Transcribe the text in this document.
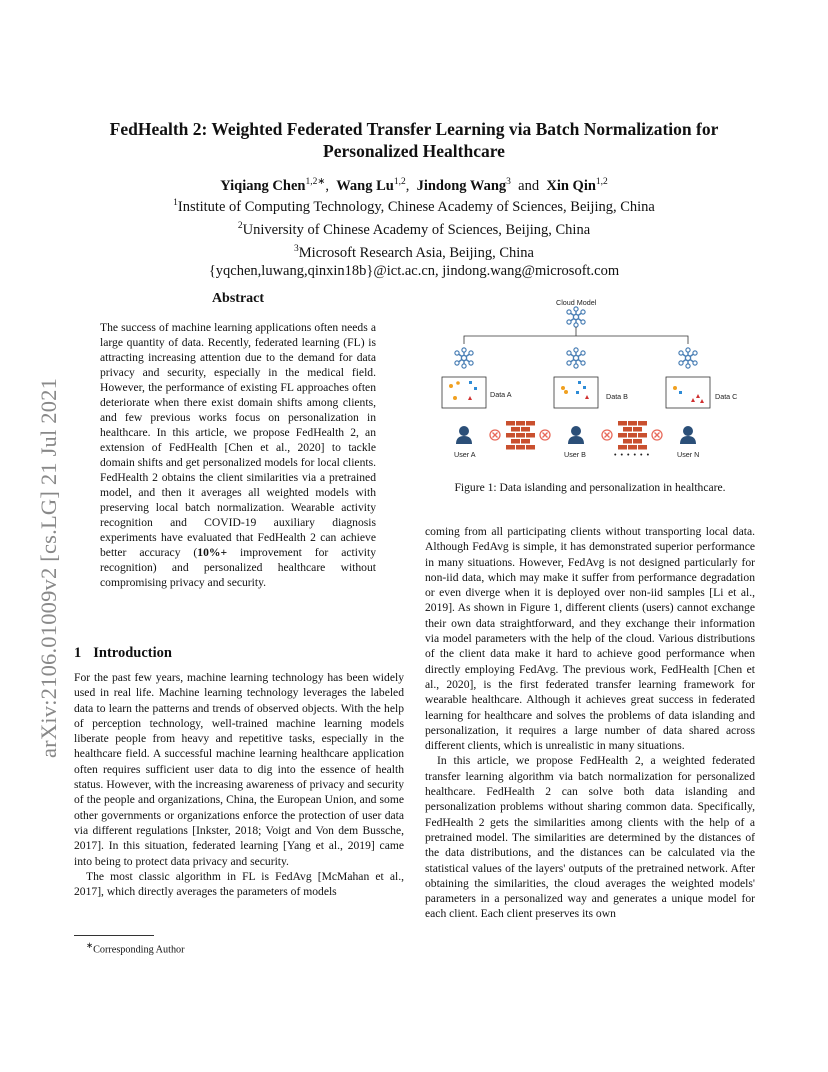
arXiv:2106.01009v2 [cs.LG] 21 Jul 2021
FedHealth 2: Weighted Federated Transfer Learning via Batch Normalization for
Personalized Healthcare
Yiqiang Chen$^{1,2∗}$, Wang Lu$^{1,2}$, Jindong Wang$^3$ and Xin Qin$^{1,2}$
$^1$Institute of Computing Technology, Chinese Academy of Sciences, Beijing, China
$^2$University of Chinese Academy of Sciences, Beijing, China
$^3$Microsoft Research Asia, Beijing, China
{yqchen,luwang,qinxin18b}@ict.ac.cn, jindong.wang@microsoft.com
Abstract
The success of machine learning applications often needs a large quantity of data. Recently, federated learning (FL) is attracting increasing attention due to the demand for data privacy and security, especially in the medical field. However, the performance of existing FL approaches often deteriorate when there exist domain shifts among clients, and few previous works focus on personalization in healthcare. In this article, we propose FedHealth 2, an extension of FedHealth [Chen et al., 2020] to tackle domain shifts and get personalized models for local clients. FedHealth 2 obtains the client similarities via a pretrained model, and then it averages all weighted models with preserving local batch normalization. Wearable activity recognition and COVID-19 auxiliary diagnosis experiments have evaluated that FedHealth 2 can achieve better accuracy (10%+ improvement for activity recognition) and personalized healthcare without compromising privacy and security.
1 Introduction

For the past few years, machine learning technology has been widely used in real life. Machine learning technology leverages the labeled data to learn the patterns and trends of observed objects. With the help of perception technology, well-trained machine learning models liberate people from heavy and repetitive tasks, especially in the healthcare field. A successful machine learning healthcare application often requires sufficient user data to dig into the essence of health status. However, with the increasing awareness of privacy and security of the people and organizations, China, the European Union, and some other governments or organizations enforce the protection of user data via different regulations [Inkster, 2018; Voigt and Von dem Bussche, 2017]. In this situation, federated learning [Yang et al., 2019] came into being to protect data privacy and security.

The most classic algorithm in FL is FedAvg [McMahan et al., 2017], which directly averages the parameters of models

∗Corresponding Author
Cloud Model
Data A	Data B	Data C
User A	User B	• • • • • •	User N
Figure 1: Data islanding and personalization in healthcare.

coming from all participating clients without transporting local data. Although FedAvg is simple, it has demonstrated superior performance in many situations. However, FedAvg is not designed particularly for non-iid data, which may make it suffer from performance degradation or even diverge when it is deployed over non-iid samples [Li et al., 2019]. As shown in Figure 1, different clients (users) cannot exchange their own data straightforward, and they exchange their information via model parameters with the help of the cloud. Various distributions of the client data make it hard to achieve good performance when directly employing FedAvg. The previous work, FedHealth [Chen et al., 2020], is the first federated transfer learning framework for wearable healthcare. Although it achieves great success in federated learning for healthcare and solves the problems of data islanding and personalization, it requires a large number of data shared across different clients, which is unrealistic in many situations.

In this article, we propose FedHealth 2, a weighted federated transfer learning algorithm via batch normalization for personalized healthcare. FedHealth 2 can solve both data islanding and personalization problems without sharing common data. Specifically, FedHealth 2 gets the similarities among clients with the help of a pretrained model. The similarities are determined by the distances of the data distributions, and the distances can be calculated via the statistical values of the layers' outputs of the pretrained network. After obtaining the similarities, the cloud averages the weighted models' parameters in a personalized way and generates a unique model for each client. Each client preserves its own
